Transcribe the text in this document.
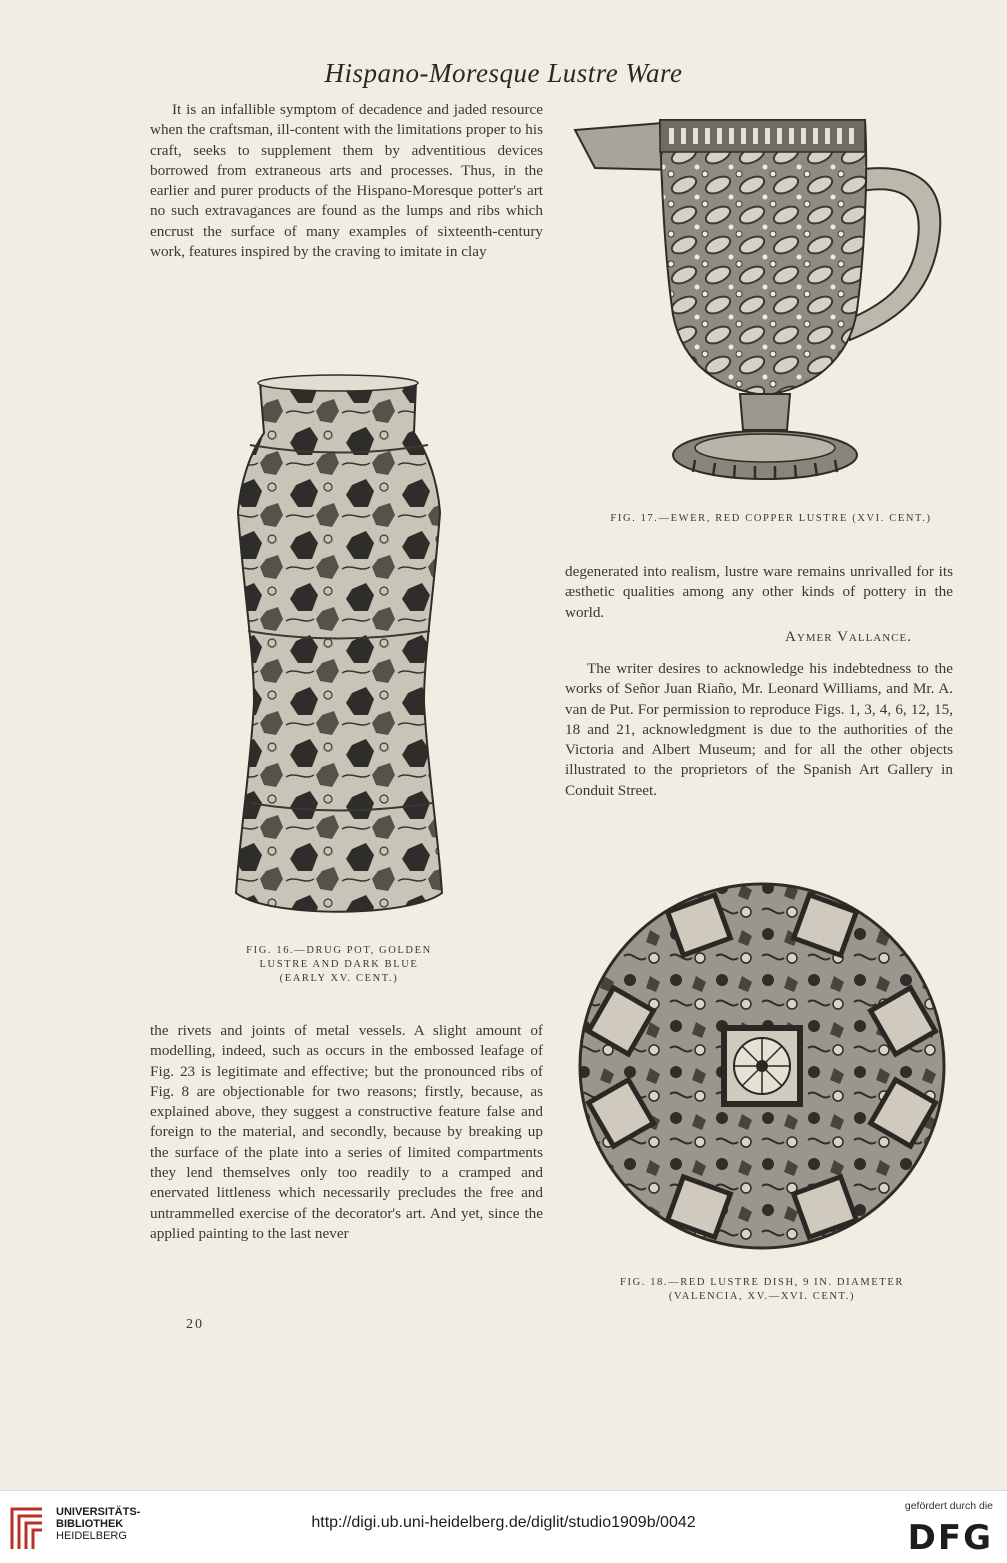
Hispano-Moresque Lustre Ware

It is an infallible symptom of decadence and jaded resource when the craftsman, ill-content with the limitations proper to his craft, seeks to supplement them by adventitious devices borrowed from extraneous arts and processes. Thus, in the earlier and purer products of the Hispano-Moresque potter's art no such extravagances are found as the lumps and ribs which encrust the surface of many examples of sixteenth-century work, features inspired by the craving to imitate in clay

FIG. 16.—DRUG POT, GOLDEN
LUSTRE AND DARK BLUE
(EARLY XV. CENT.)
FIG. 17.—EWER, RED COPPER LUSTRE (XVI. CENT.)

degenerated into realism, lustre ware remains unrivalled for its æsthetic qualities among any other kinds of pottery in the world.

Aymer Vallance.

The writer desires to acknowledge his indebtedness to the works of Señor Juan Riaño, Mr. Leonard Williams, and Mr. A. van de Put. For permission to reproduce Figs. 1, 3, 4, 6, 12, 15, 18 and 21, acknowledgment is due to the authorities of the Victoria and Albert Museum; and for all the other objects illustrated to the proprietors of the Spanish Art Gallery in Conduit Street.

FIG. 18.—RED LUSTRE DISH, 9 IN. DIAMETER
(VALENCIA, XV.—XVI. CENT.)

the rivets and joints of metal vessels. A slight amount of modelling, indeed, such as occurs in the embossed leafage of Fig. 23 is legitimate and effective; but the pronounced ribs of Fig. 8 are objectionable for two reasons; firstly, because, as explained above, they suggest a constructive feature false and foreign to the material, and secondly, because by breaking up the surface of the plate into a series of limited compartments they lend themselves only too readily to a cramped and enervated littleness which necessarily precludes the free and untrammelled exercise of the decorator's art. And yet, since the applied painting to the last never

20
UNIVERSITÄTS-
BIBLIOTHEK
HEIDELBERG
http://digi.ub.uni-heidelberg.de/diglit/studio1909b/0042
gefördert durch die
DFG
